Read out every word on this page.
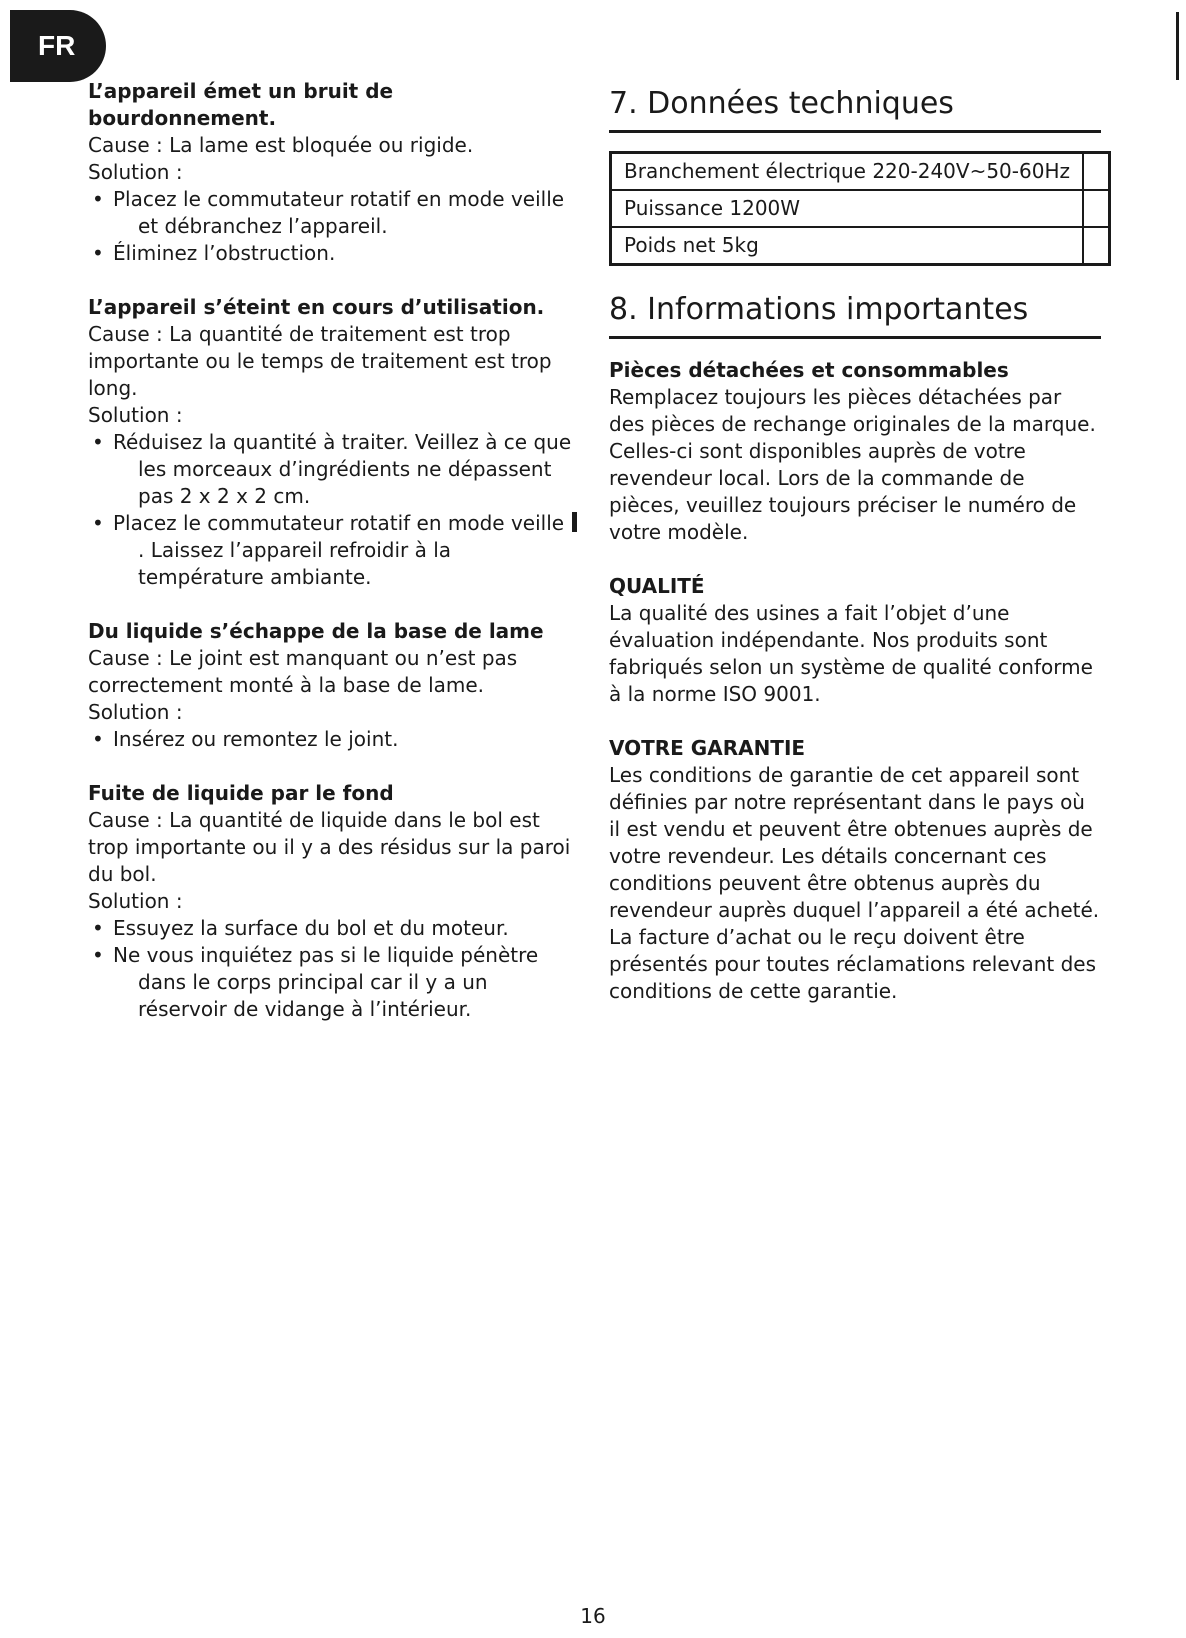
FR

L’appareil émet un bruit de bourdonnement.

Cause : La lame est bloquée ou rigide.

Solution :

• Placez le commutateur rotatif en mode veille et débranchez l’appareil.
• Éliminez l’obstruction.

L’appareil s’éteint en cours d’utilisation.

Cause : La quantité de traitement est trop importante ou le temps de traitement est trop long.

Solution :

• Réduisez la quantité à traiter. Veillez à ce que les morceaux d’ingrédients ne dépassent pas 2 x 2 x 2 cm.
• Placez le commutateur rotatif en mode veille . Laissez l’appareil refroidir à la température ambiante.

Du liquide s’échappe de la base de lame

Cause : Le joint est manquant ou n’est pas correctement monté à la base de lame.

Solution :

• Insérez ou remontez le joint.

Fuite de liquide par le fond

Cause : La quantité de liquide dans le bol est trop importante ou il y a des résidus sur la paroi du bol.

Solution :

• Essuyez la surface du bol et du moteur.
• Ne vous inquiétez pas si le liquide pénètre dans le corps principal car il y a un réservoir de vidange à l’intérieur.
7. Données techniques
Branchement électrique 220-240V~50-60Hz	
Puissance 1200W	
Poids net 5kg	
8. Informations importantes

Pièces détachées et consommables

Remplacez toujours les pièces détachées par des pièces de rechange originales de la marque. Celles-ci sont disponibles auprès de votre revendeur local. Lors de la commande de pièces, veuillez toujours préciser le numéro de votre modèle.

QUALITÉ

La qualité des usines a fait l’objet d’une évaluation indépendante. Nos produits sont fabriqués selon un système de qualité conforme à la norme ISO 9001.

VOTRE GARANTIE

Les conditions de garantie de cet appareil sont définies par notre représentant dans le pays où il est vendu et peuvent être obtenues auprès de votre revendeur. Les détails concernant ces conditions peuvent être obtenus auprès du revendeur auprès duquel l’appareil a été acheté. La facture d’achat ou le reçu doivent être présentés pour toutes réclamations relevant des conditions de cette garantie.

16
